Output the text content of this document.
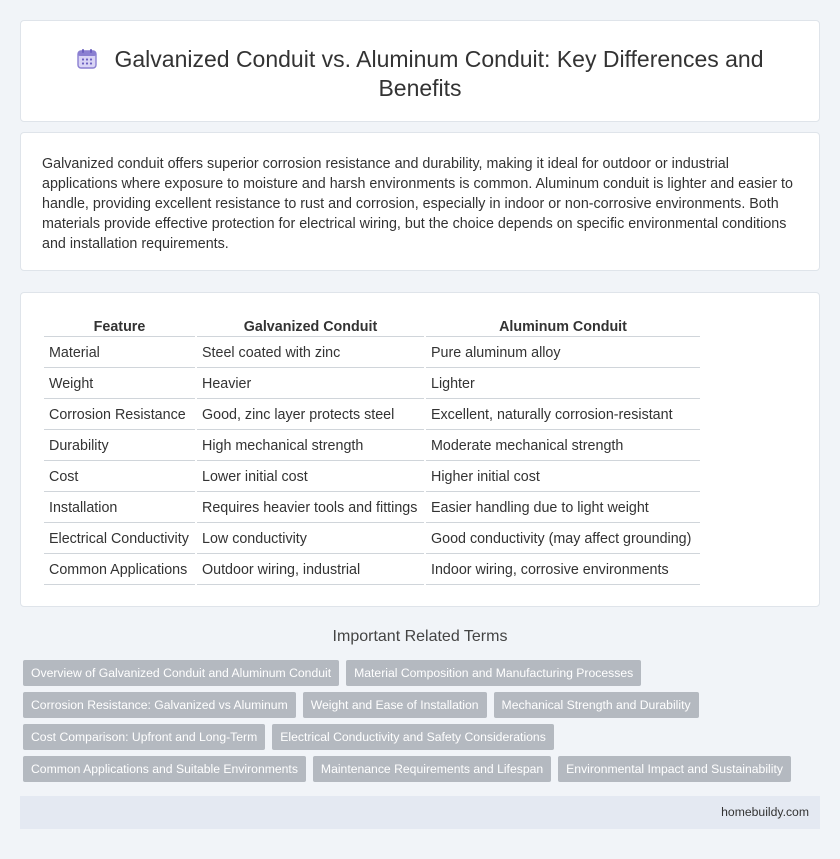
Galvanized Conduit vs. Aluminum Conduit: Key Differences and Benefits

Galvanized conduit offers superior corrosion resistance and durability, making it ideal for outdoor or industrial applications where exposure to moisture and harsh environments is common. Aluminum conduit is lighter and easier to handle, providing excellent resistance to rust and corrosion, especially in indoor or non-corrosive environments. Both materials provide effective protection for electrical wiring, but the choice depends on specific environmental conditions and installation requirements.

Feature	Galvanized Conduit	Aluminum Conduit
Material	Steel coated with zinc	Pure aluminum alloy
Weight	Heavier	Lighter
Corrosion Resistance	Good, zinc layer protects steel	Excellent, naturally corrosion-resistant
Durability	High mechanical strength	Moderate mechanical strength
Cost	Lower initial cost	Higher initial cost
Installation	Requires heavier tools and fittings	Easier handling due to light weight
Electrical Conductivity	Low conductivity	Good conductivity (may affect grounding)
Common Applications	Outdoor wiring, industrial	Indoor wiring, corrosive environments
Important Related Terms
Overview of Galvanized Conduit and Aluminum Conduit	Material Composition and Manufacturing Processes
Corrosion Resistance: Galvanized vs Aluminum	Weight and Ease of Installation	Mechanical Strength and Durability
Cost Comparison: Upfront and Long-Term	Electrical Conductivity and Safety Considerations
Common Applications and Suitable Environments	Maintenance Requirements and Lifespan	Environmental Impact and Sustainability
homebuildy.com
